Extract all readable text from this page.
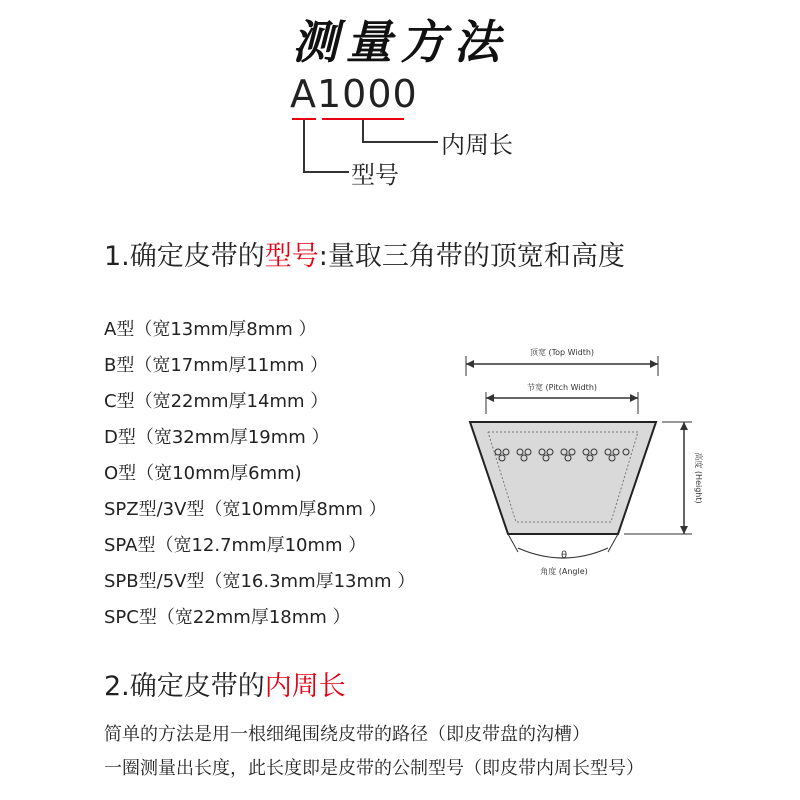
测量方法
A1000
内周长
型号
1.确定皮带的型号:量取三角带的顶宽和高度
A型（宽13mm厚8mm ）
B型（宽17mm厚11mm ）
C型（宽22mm厚14mm ）
D型（宽32mm厚19mm ）
O型（宽10mm厚6mm)
SPZ型/3V型（宽10mm厚8mm ）
SPA型（宽12.7mm厚10mm ）
SPB型/5V型（宽16.3mm厚13mm ）
SPC型（宽22mm厚18mm ）
顶宽 (Top Width)
节宽 (Pitch Width)
高度 (Height)
θ
角度 (Angle)
2.确定皮带的内周长
简单的方法是用一根细绳围绕皮带的路径（即皮带盘的沟槽）
一圈测量出长度，此长度即是皮带的公制型号（即皮带内周长型号）
